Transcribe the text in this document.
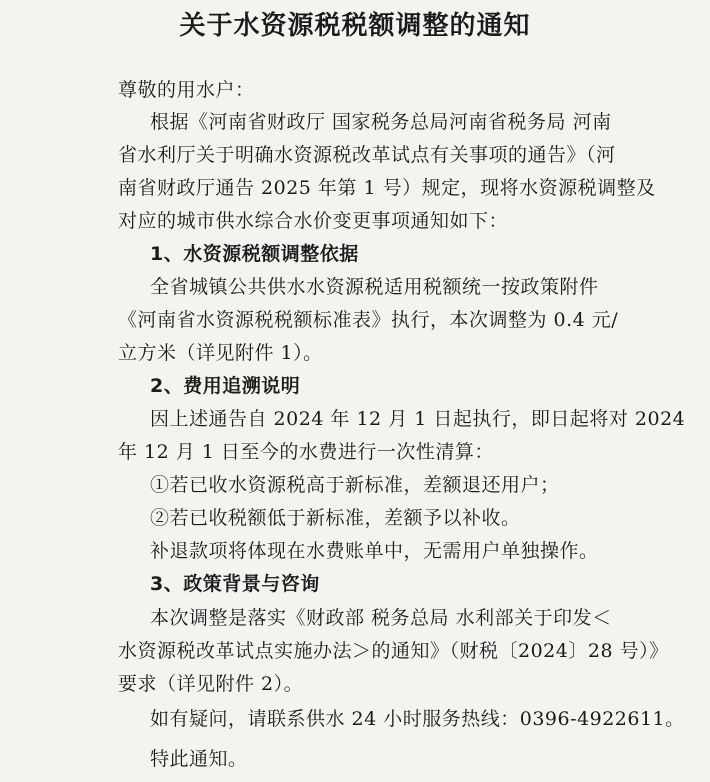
关于水资源税税额调整的通知
尊敬的用水户：
根据《河南省财政厅 国家税务总局河南省税务局 河南
省水利厅关于明确水资源税改革试点有关事项的通告》（河
南省财政厅通告 2025 年第 1 号）规定，现将水资源税调整及
对应的城市供水综合水价变更事项通知如下：
1、水资源税额调整依据
全省城镇公共供水水资源税适用税额统一按政策附件
《河南省水资源税税额标准表》执行，本次调整为 0.4 元/
立方米（详见附件 1）。
2、费用追溯说明
因上述通告自 2024 年 12 月 1 日起执行，即日起将对 2024
年 12 月 1 日至今的水费进行一次性清算：
①若已收水资源税高于新标准，差额退还用户；
②若已收税额低于新标准，差额予以补收。
补退款项将体现在水费账单中，无需用户单独操作。
3、政策背景与咨询
本次调整是落实《财政部 税务总局 水利部关于印发＜
水资源税改革试点实施办法＞的通知》（财税〔2024〕28 号）》
要求（详见附件 2）。
如有疑问，请联系供水 24 小时服务热线：0396-4922611。
特此通知。
